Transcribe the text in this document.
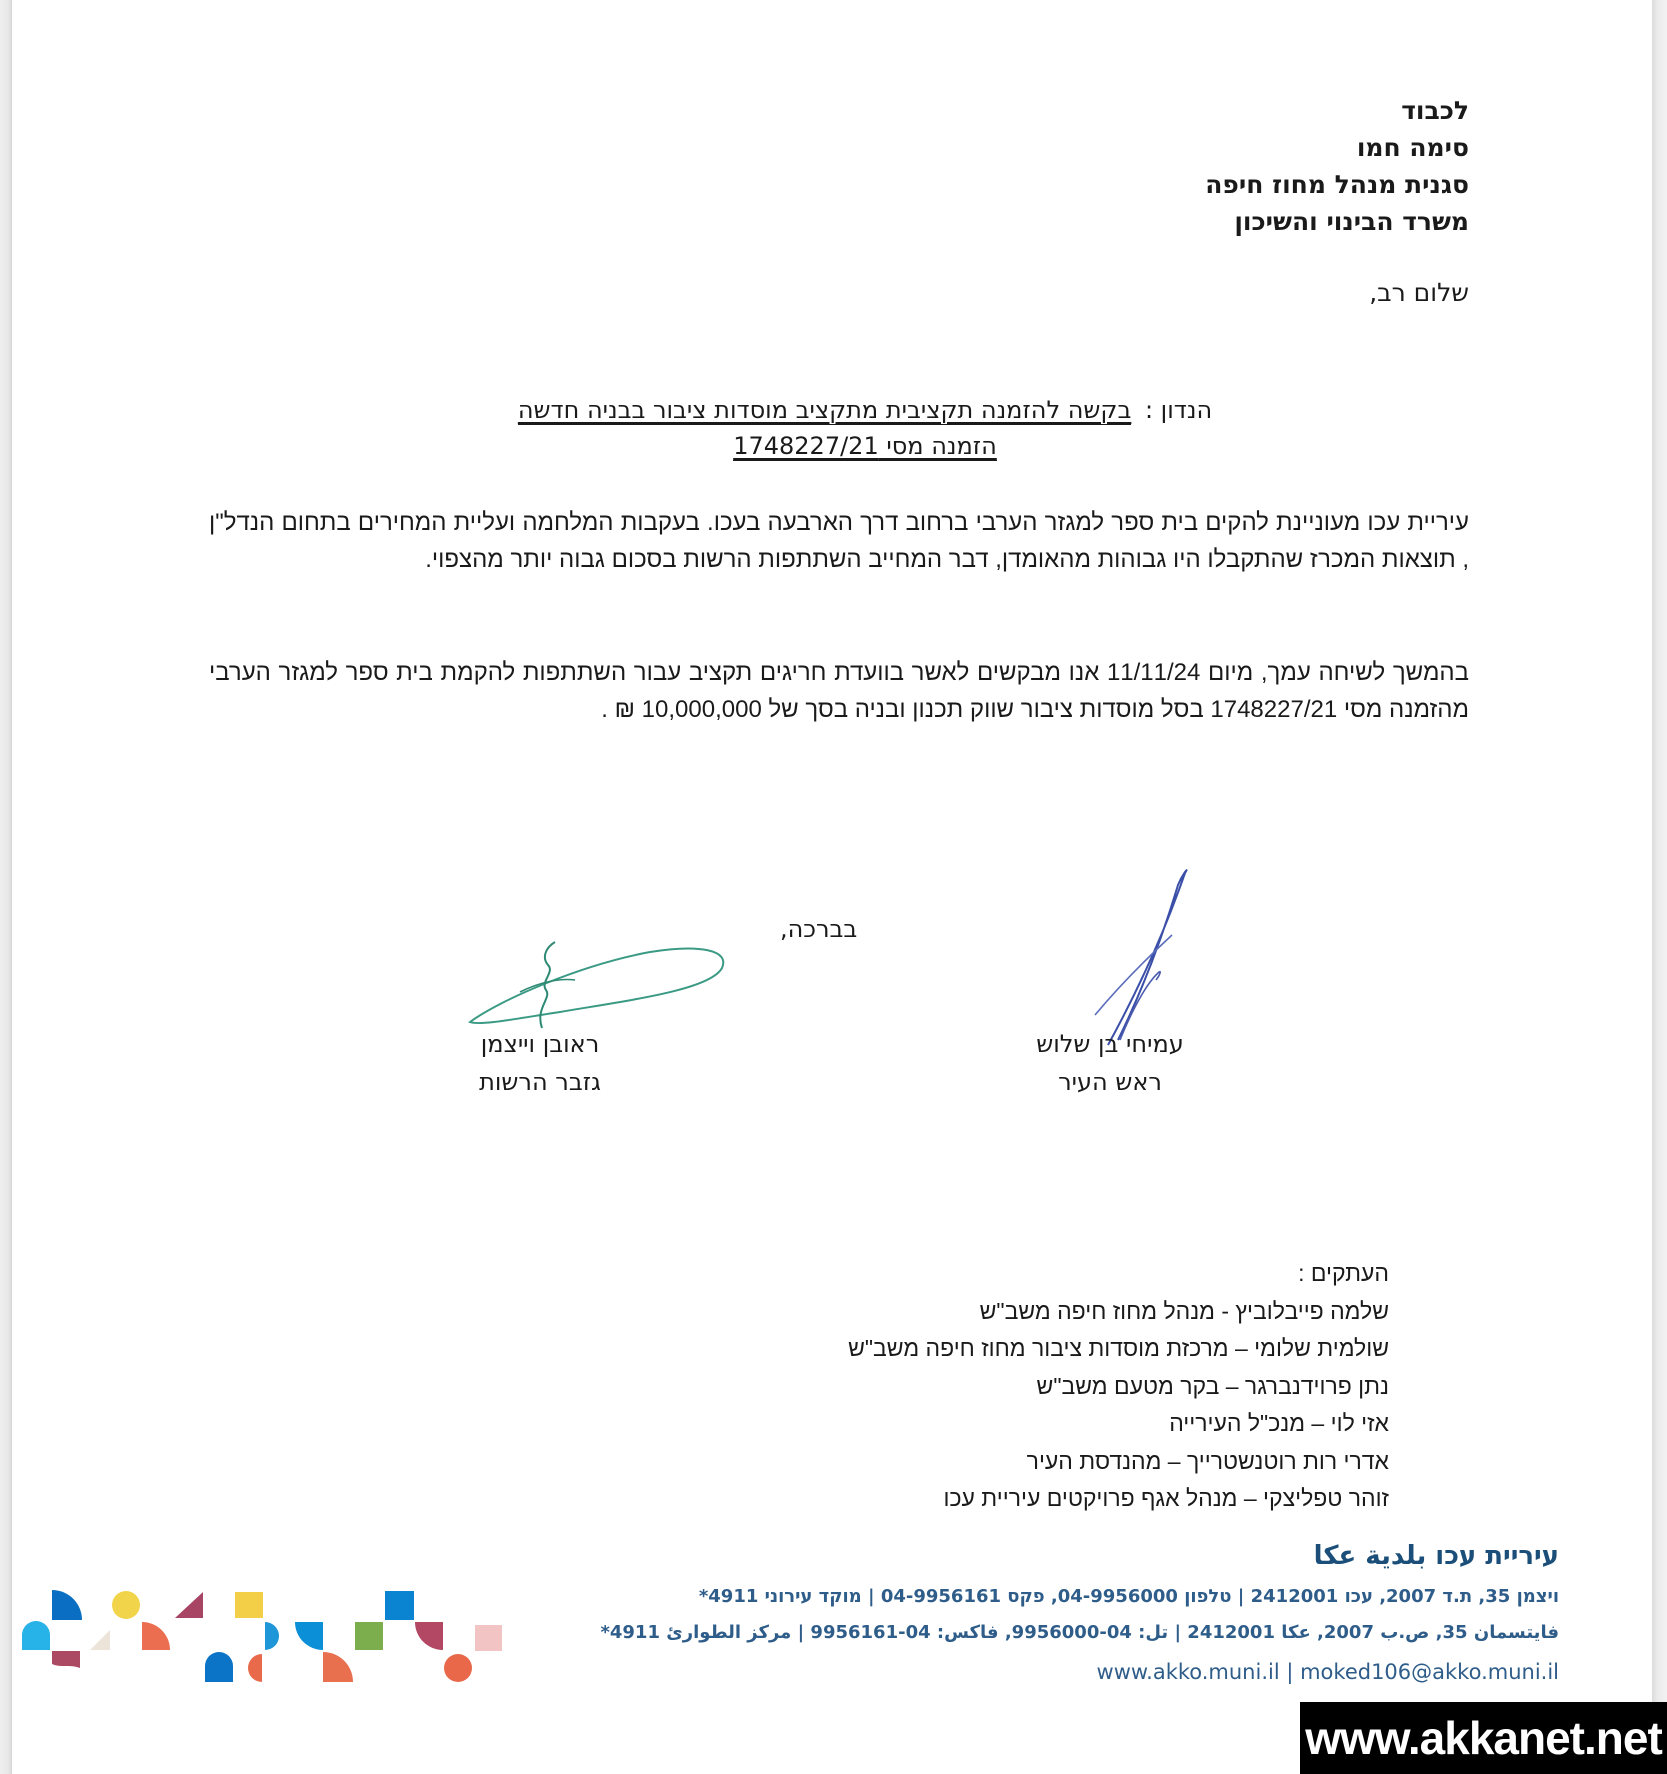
לכבוד
סימה חמו
סגנית מנהל מחוז חיפה
משרד הבינוי והשיכון
שלום רב,
הנדון : בקשה להזמנה תקציבית מתקציב מוסדות ציבור בבניה חדשה
הזמנה מסי 1748227/21
עיריית עכו מעוניינת להקים בית ספר למגזר הערבי ברחוב דרך הארבעה בעכו. בעקבות המלחמה ועליית המחירים בתחום הנדל"ן , תוצאות המכרז שהתקבלו היו גבוהות מהאומדן, דבר המחייב השתתפות הרשות בסכום גבוה יותר מהצפוי.
בהמשך לשיחה עמך, מיום 11/11/24 אנו מבקשים לאשר בוועדת חריגים תקציב עבור השתתפות להקמת בית ספר למגזר הערבי מהזמנה מסי 1748227/21 בסל מוסדות ציבור שווק תכנון ובניה בסך של 10,000,000 ₪ .
בברכה,
עמיחי בן שלוש
ראש העיר
ראובן וייצמן
גזבר הרשות
העתקים :
שלמה פייבלוביץ - מנהל מחוז חיפה משב"ש
שולמית שלומי – מרכזת מוסדות ציבור מחוז חיפה משב"ש
נתן פרוידנברגר – בקר מטעם משב"ש
אזי לוי – מנכ"ל העירייה
אדרי רות רוטנשטרייך – מהנדסת העיר
זוהר טפליצקי – מנהל אגף פרויקטים עיריית עכו
עיריית עכו بلدية عكا
ויצמן 35, ת.ד 2007, עכו 2412001 | טלפון 04-9956000, פקס 04-9956161 | מוקד עירוני 4911*
فايتسمان 35, ص.ب 2007, عكا 2412001 | تل: 04-9956000, فاكس: 04-9956161 | مركز الطوارئ 4911*
www.akko.muni.il | moked106@akko.muni.il
www.akkanet.net
